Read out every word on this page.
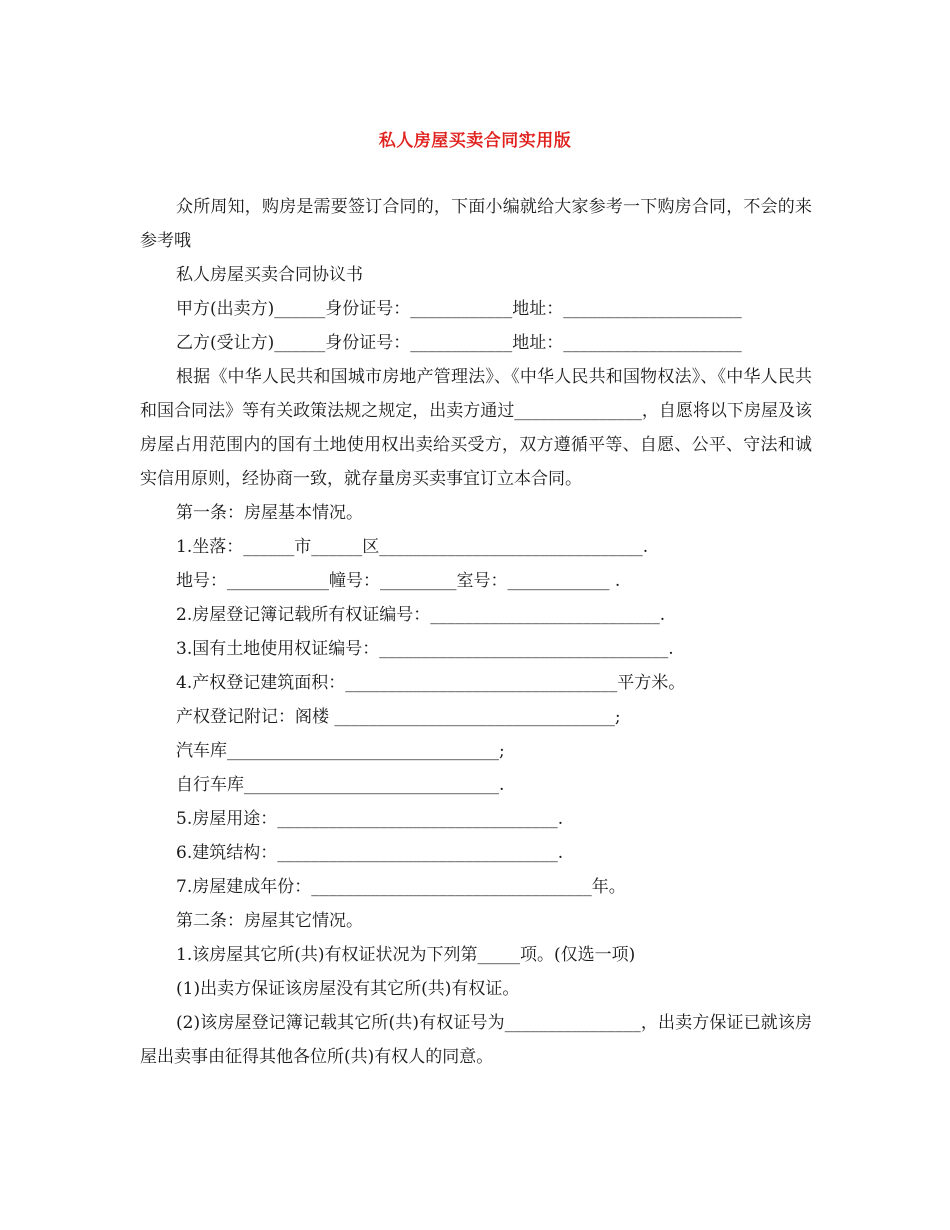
私人房屋买卖合同实用版

众所周知，购房是需要签订合同的，下面小编就给大家参考一下购房合同，不会的来参考哦

私人房屋买卖合同协议书

甲方(出卖方)______身份证号：____________地址：_____________________

乙方(受让方)______身份证号：____________地址：_____________________

根据《中华人民共和国城市房地产管理法》、《中华人民共和国物权法》、《中华人民共和国合同法》等有关政策法规之规定，出卖方通过_______________，自愿将以下房屋及该房屋占用范围内的国有土地使用权出卖给买受方，双方遵循平等、自愿、公平、守法和诚实信用原则，经协商一致，就存量房买卖事宜订立本合同。

第一条：房屋基本情况。

1.坐落：______市______区_______________________________.

地号：____________幢号：_________室号：____________ .

2.房屋登记簿记载所有权证编号：___________________________.

3.国有土地使用权证编号：__________________________________.

4.产权登记建筑面积：________________________________平方米。

产权登记附记：阁楼 _________________________________;

汽车库________________________________;

自行车库______________________________.

5.房屋用途：_________________________________.

6.建筑结构：_________________________________.

7.房屋建成年份：_________________________________年。

第二条：房屋其它情况。

1.该房屋其它所(共)有权证状况为下列第_____项。(仅选一项)

(1)出卖方保证该房屋没有其它所(共)有权证。

(2)该房屋登记簿记载其它所(共)有权证号为________________，出卖方保证已就该房屋出卖事由征得其他各位所(共)有权人的同意。
